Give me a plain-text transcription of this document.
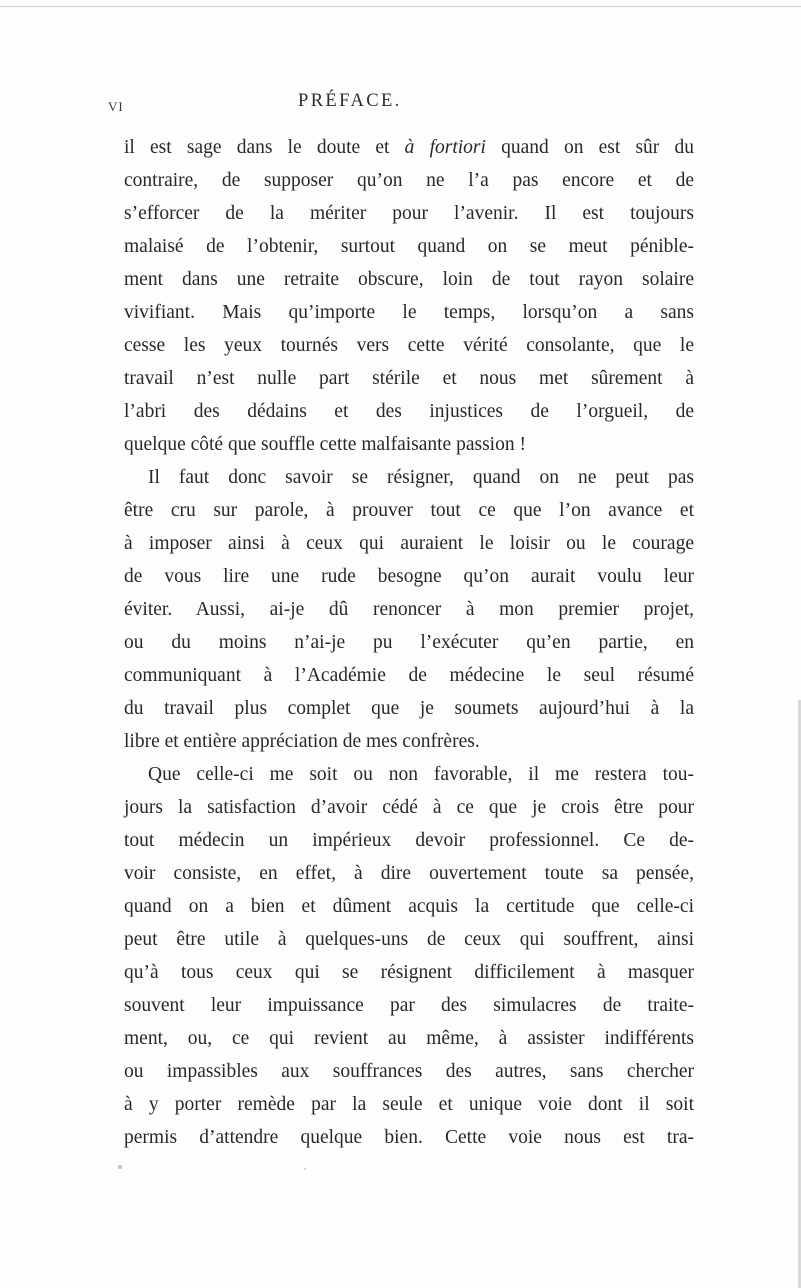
VI	PRÉFACE.
il est sage dans le doute et à fortiori quand on est sûr du
contraire, de supposer qu’on ne l’a pas encore et de
s’efforcer de la mériter pour l’avenir. Il est toujours
malaisé de l’obtenir, surtout quand on se meut pénible-
ment dans une retraite obscure, loin de tout rayon solaire
vivifiant. Mais qu’importe le temps, lorsqu’on a sans
cesse les yeux tournés vers cette vérité consolante, que le
travail n’est nulle part stérile et nous met sûrement à
l’abri des dédains et des injustices de l’orgueil, de
quelque côté que souffle cette malfaisante passion !
Il faut donc savoir se résigner, quand on ne peut pas
être cru sur parole, à prouver tout ce que l’on avance et
à imposer ainsi à ceux qui auraient le loisir ou le courage
de vous lire une rude besogne qu’on aurait voulu leur
éviter. Aussi, ai-je dû renoncer à mon premier projet,
ou du moins n’ai-je pu l’exécuter qu’en partie, en
communiquant à l’Académie de médecine le seul résumé
du travail plus complet que je soumets aujourd’hui à la
libre et entière appréciation de mes confrères.
Que celle-ci me soit ou non favorable, il me restera tou-
jours la satisfaction d’avoir cédé à ce que je crois être pour
tout médecin un impérieux devoir professionnel. Ce de-
voir consiste, en effet, à dire ouvertement toute sa pensée,
quand on a bien et dûment acquis la certitude que celle-ci
peut être utile à quelques-uns de ceux qui souffrent, ainsi
qu’à tous ceux qui se résignent difficilement à masquer
souvent leur impuissance par des simulacres de traite-
ment, ou, ce qui revient au même, à assister indifférents
ou impassibles aux souffrances des autres, sans chercher
à y porter remède par la seule et unique voie dont il soit
permis d’attendre quelque bien. Cette voie nous est tra-
